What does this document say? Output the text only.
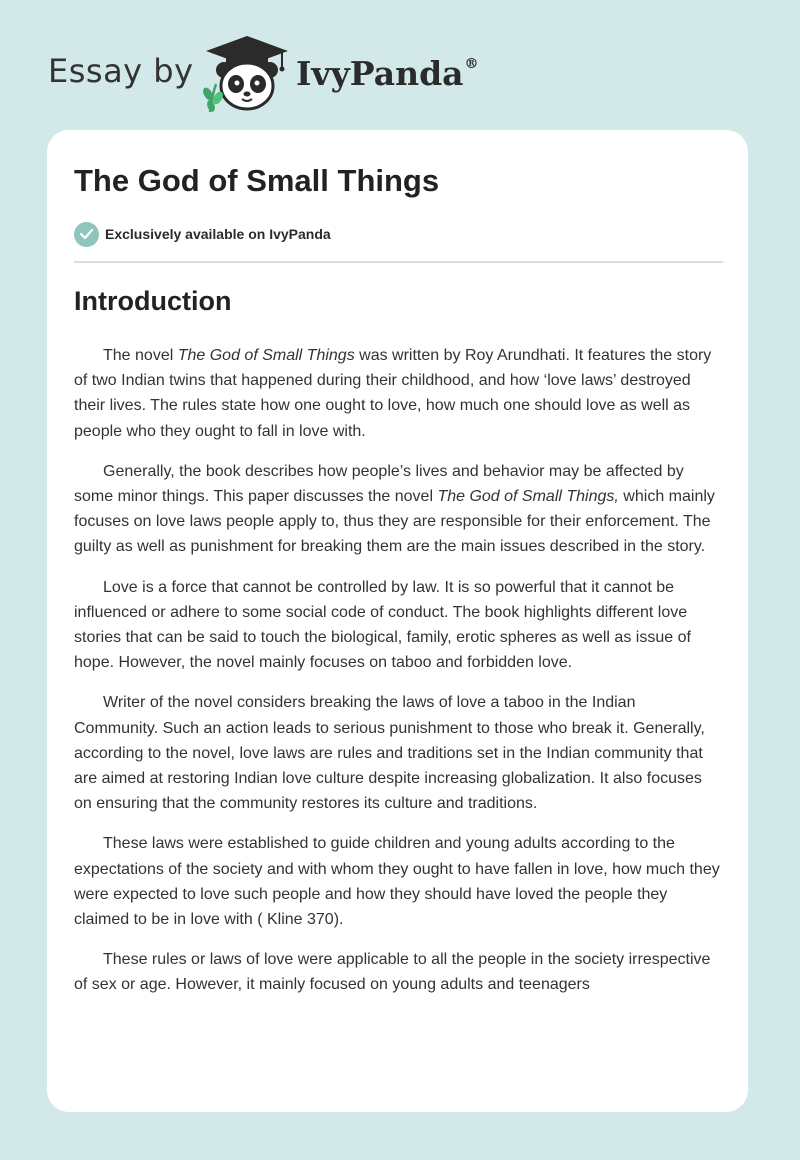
Essay by	IvyPanda®
The God of Small Things
Exclusively available on IvyPanda
Introduction

The novel The God of Small Things was written by Roy Arundhati. It features the story of two Indian twins that happened during their childhood, and how ‘love laws’ destroyed their lives. The rules state how one ought to love, how much one should love as well as people who they ought to fall in love with.

Generally, the book describes how people’s lives and behavior may be affected by some minor things. This paper discusses the novel The God of Small Things, which mainly focuses on love laws people apply to, thus they are responsible for their enforcement. The guilty as well as punishment for breaking them are the main issues described in the story.

Love is a force that cannot be controlled by law. It is so powerful that it cannot be influenced or adhere to some social code of conduct. The book highlights different love stories that can be said to touch the biological, family, erotic spheres as well as issue of hope. However, the novel mainly focuses on taboo and forbidden love.

Writer of the novel considers breaking the laws of love a taboo in the Indian Community. Such an action leads to serious punishment to those who break it. Generally, according to the novel, love laws are rules and traditions set in the Indian community that are aimed at restoring Indian love culture despite increasing globalization. It also focuses on ensuring that the community restores its culture and traditions.

These laws were established to guide children and young adults according to the expectations of the society and with whom they ought to have fallen in love, how much they were expected to love such people and how they should have loved the people they claimed to be in love with ( Kline 370).

These rules or laws of love were applicable to all the people in the society irrespective of sex or age. However, it mainly focused on young adults and teenagers
